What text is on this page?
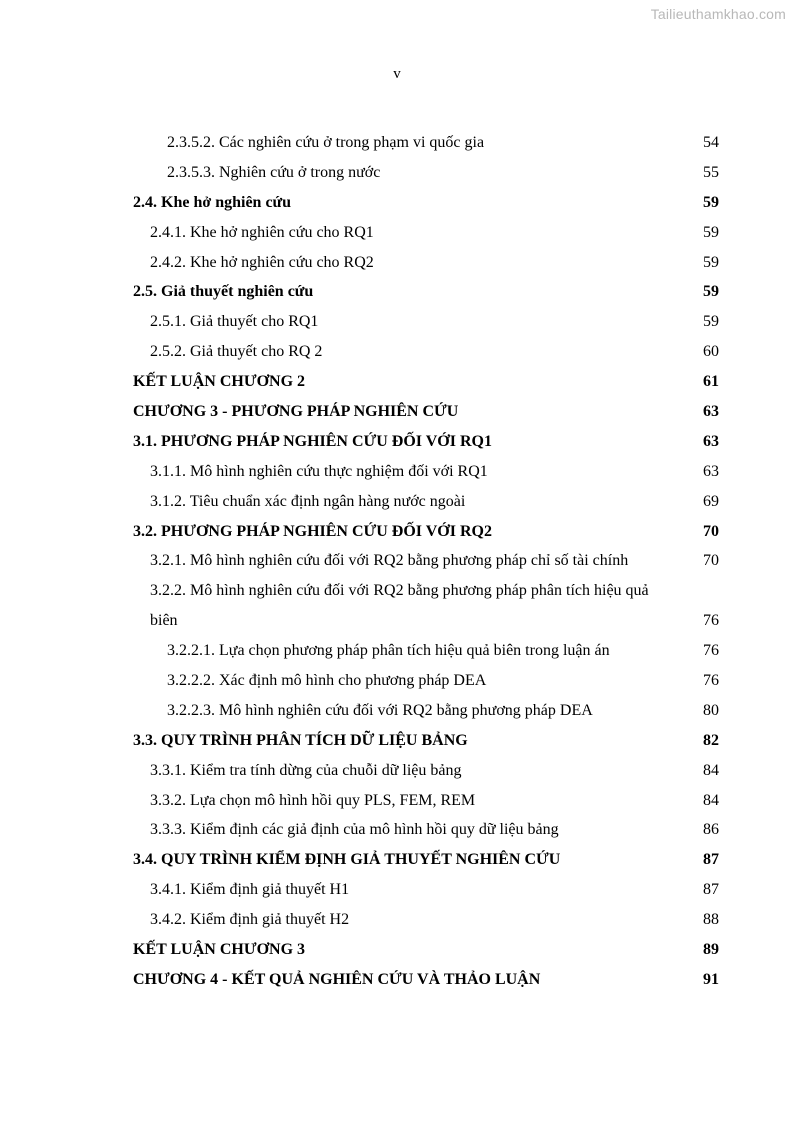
Tailieuthamkhao.com
v
2.3.5.2. Các nghiên cứu ở trong phạm vi quốc gia	54
2.3.5.3. Nghiên cứu ở trong nước	55
2.4. Khe hở nghiên cứu	59
2.4.1. Khe hở nghiên cứu cho RQ1	59
2.4.2. Khe hở nghiên cứu cho RQ2	59
2.5. Giả thuyết nghiên cứu	59
2.5.1. Giả thuyết cho RQ1	59
2.5.2. Giả thuyết cho RQ 2	60
KẾT LUẬN CHƯƠNG 2	61
CHƯƠNG 3 - PHƯƠNG PHÁP NGHIÊN CỨU	63
3.1. PHƯƠNG PHÁP NGHIÊN CỨU ĐỐI VỚI RQ1	63
3.1.1. Mô hình nghiên cứu thực nghiệm đối với RQ1	63
3.1.2. Tiêu chuẩn xác định ngân hàng nước ngoài	69
3.2. PHƯƠNG PHÁP NGHIÊN CỨU ĐỐI VỚI RQ2	70
3.2.1. Mô hình nghiên cứu đối với RQ2 bằng phương pháp chỉ số tài chính	70
3.2.2. Mô hình nghiên cứu đối với RQ2 bằng phương pháp phân tích hiệu quả
biên	76
3.2.2.1. Lựa chọn phương pháp phân tích hiệu quả biên trong luận án	76
3.2.2.2. Xác định mô hình cho phương pháp DEA	76
3.2.2.3. Mô hình nghiên cứu đối với RQ2 bằng phương pháp DEA	80
3.3. QUY TRÌNH PHÂN TÍCH DỮ LIỆU BẢNG	82
3.3.1. Kiểm tra tính dừng của chuỗi dữ liệu bảng	84
3.3.2. Lựa chọn mô hình hồi quy PLS, FEM, REM	84
3.3.3. Kiểm định các giả định của mô hình hồi quy dữ liệu bảng	86
3.4. QUY TRÌNH KIỂM ĐỊNH GIẢ THUYẾT NGHIÊN CỨU	87
3.4.1. Kiểm định giả thuyết H1	87
3.4.2. Kiểm định giả thuyết H2	88
KẾT LUẬN CHƯƠNG 3	89
CHƯƠNG 4 - KẾT QUẢ NGHIÊN CỨU VÀ THẢO LUẬN	91
